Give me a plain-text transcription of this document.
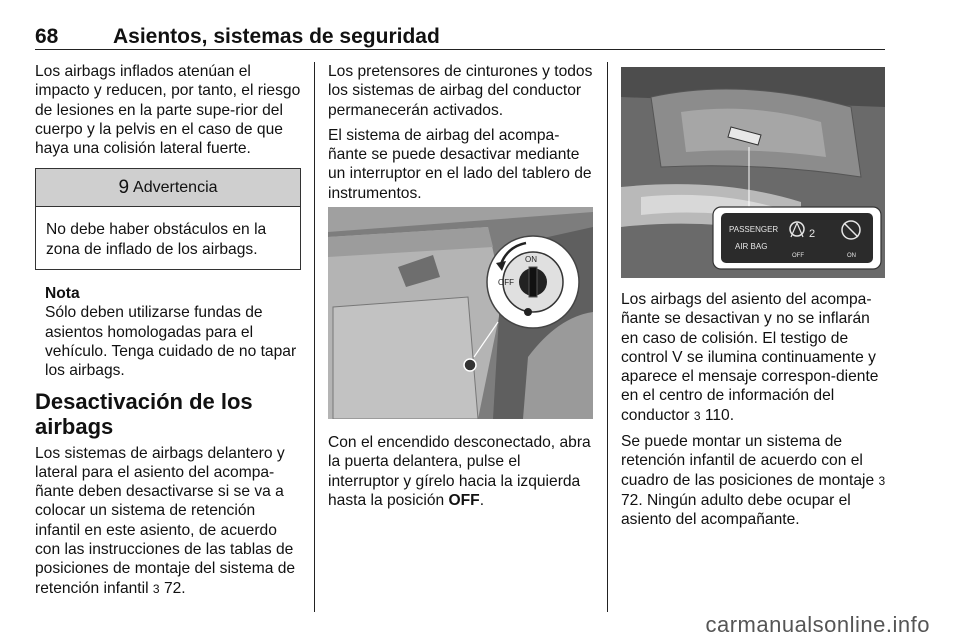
68	Asientos, sistemas de seguridad

Los airbags inflados atenúan el impacto y reducen, por tanto, el riesgo de lesiones en la parte supe-rior del cuerpo y la pelvis en el caso de que haya una colisión lateral fuerte.

9 Advertencia
No debe haber obstáculos en la zona de inflado de los airbags.
Nota
Sólo deben utilizarse fundas de asientos homologadas para el vehículo. Tenga cuidado de no tapar los airbags.
Desactivación de los airbags

Los sistemas de airbags delantero y lateral para el asiento del acompa-ñante deben desactivarse si se va a colocar un sistema de retención infantil en este asiento, de acuerdo con las instrucciones de las tablas de posiciones de montaje del sistema de retención infantil 3 72.

Los pretensores de cinturones y todos los sistemas de airbag del conductor permanecerán activados.

El sistema de airbag del acompa-ñante se puede desactivar mediante un interruptor en el lado del tablero de instrumentos.

ON
OFF

Con el encendido desconectado, abra la puerta delantera, pulse el interruptor y gírelo hacia la izquierda hasta la posición OFF.

PASSENGER
AIR BAG
2
OFF	ON

Los airbags del asiento del acompa-ñante se desactivan y no se inflarán en caso de colisión. El testigo de control V se ilumina continuamente y aparece el mensaje correspon-diente en el centro de información del conductor 3 110.

Se puede montar un sistema de retención infantil de acuerdo con el cuadro de las posiciones de montaje 3 72. Ningún adulto debe ocupar el asiento del acompañante.

carmanualsonline.info
